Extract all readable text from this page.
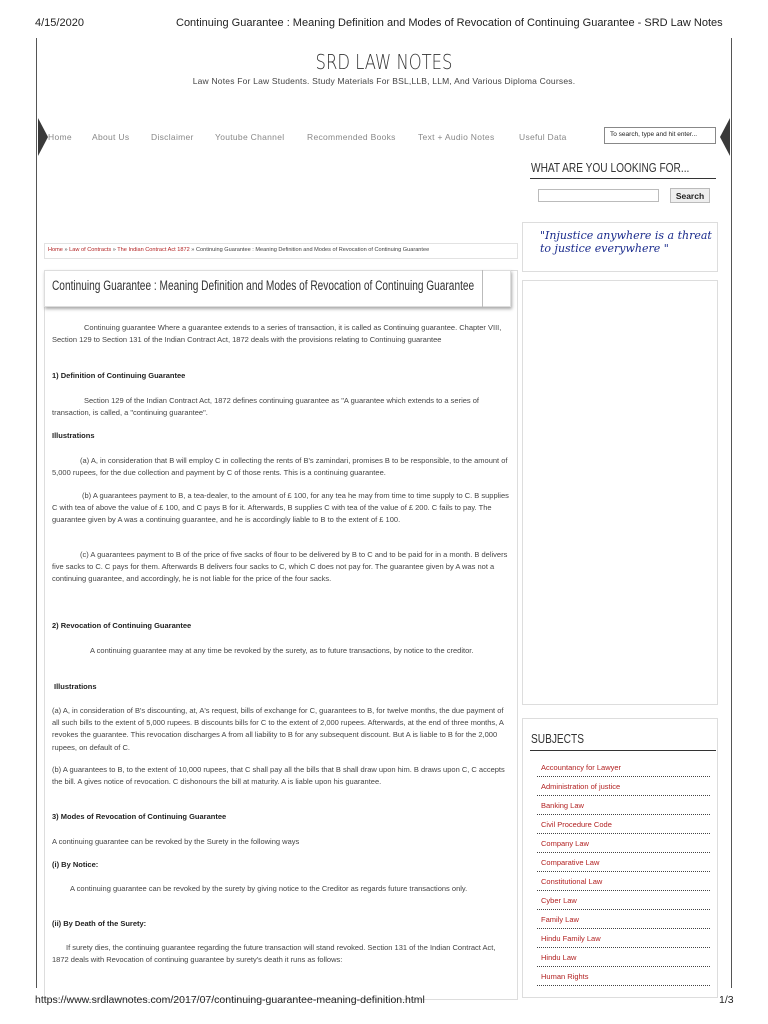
4/15/2020	Continuing Guarantee : Meaning Definition and Modes of Revocation of Continuing Guarantee - SRD Law Notes
SRD LAW NOTES
Law Notes For Law Students. Study Materials For BSL,LLB, LLM, And Various Diploma Courses.
Home About Us	Disclaimer	Youtube Channel	Recommended Books	Text + Audio Notes	Useful Data	To search, type and hit enter...
WHAT ARE YOU LOOKING FOR...
Search
"Injustice anywhere is a threat to justice everywhere "
SUBJECTS
Accountancy for Lawyer
Administration of justice
Banking Law
Civil Procedure Code
Company Law
Comparative Law
Constitutional Law
Cyber Law
Family Law
Hindu Family Law
Hindu Law
Human Rights
Home » Law of Contracts » The Indian Contract Act 1872 » Continuing Guarantee : Meaning Definition and Modes of Revocation of Continuing Guarantee
Continuing Guarantee : Meaning Definition and Modes of Revocation of Continuing Guarantee
Continuing guarantee Where a guarantee extends to a series of transaction, it is called as Continuing guarantee. Chapter VIII, Section 129 to Section 131 of the Indian Contract Act, 1872 deals with the provisions relating to Continuing guarantee
1) Definition of Continuing Guarantee
Section 129 of the Indian Contract Act, 1872 defines continuing guarantee as "A guarantee which extends to a series of transaction, is called, a "continuing guarantee".
Illustrations
(a) A, in consideration that B will employ C in collecting the rents of B's zamindari, promises B to be responsible, to the amount of 5,000 rupees, for the due collection and payment by C of those rents. This is a continuing guarantee.
(b) A guarantees payment to B, a tea-dealer, to the amount of £ 100, for any tea he may from time to time supply to C. B supplies C with tea of above the value of £ 100, and C pays B for it. Afterwards, B supplies C with tea of the value of £ 200. C fails to pay. The guarantee given by A was a continuing guarantee, and he is accordingly liable to B to the extent of £ 100.
(c) A guarantees payment to B of the price of five sacks of flour to be delivered by B to C and to be paid for in a month. B delivers five sacks to C. C pays for them. Afterwards B delivers four sacks to C, which C does not pay for. The guarantee given by A was not a continuing guarantee, and accordingly, he is not liable for the price of the four sacks.
2) Revocation of Continuing Guarantee
A continuing guarantee may at any time be revoked by the surety, as to future transactions, by notice to the creditor.
Illustrations
(a) A, in consideration of B's discounting, at, A's request, bills of exchange for C, guarantees to B, for twelve months, the due payment of all such bills to the extent of 5,000 rupees. B discounts bills for C to the extent of 2,000 rupees. Afterwards, at the end of three months, A revokes the guarantee. This revocation discharges A from all liability to B for any subsequent discount. But A is liable to B for the 2,000 rupees, on default of C.
(b) A guarantees to B, to the extent of 10,000 rupees, that C shall pay all the bills that B shall draw upon him. B draws upon C, C accepts the bill. A gives notice of revocation. C dishonours the bill at maturity. A is liable upon his guarantee.
3) Modes of Revocation of Continuing Guarantee
A continuing guarantee can be revoked by the Surety in the following ways
(i) By Notice:
A continuing guarantee can be revoked by the surety by giving notice to the Creditor as regards future transactions only.
(ii) By Death of the Surety:
If surety dies, the continuing guarantee regarding the future transaction will stand revoked. Section 131 of the Indian Contract Act, 1872 deals with Revocation of continuing guarantee by surety's death it runs as follows:
https://www.srdlawnotes.com/2017/07/continuing-guarantee-meaning-definition.html	1/3
